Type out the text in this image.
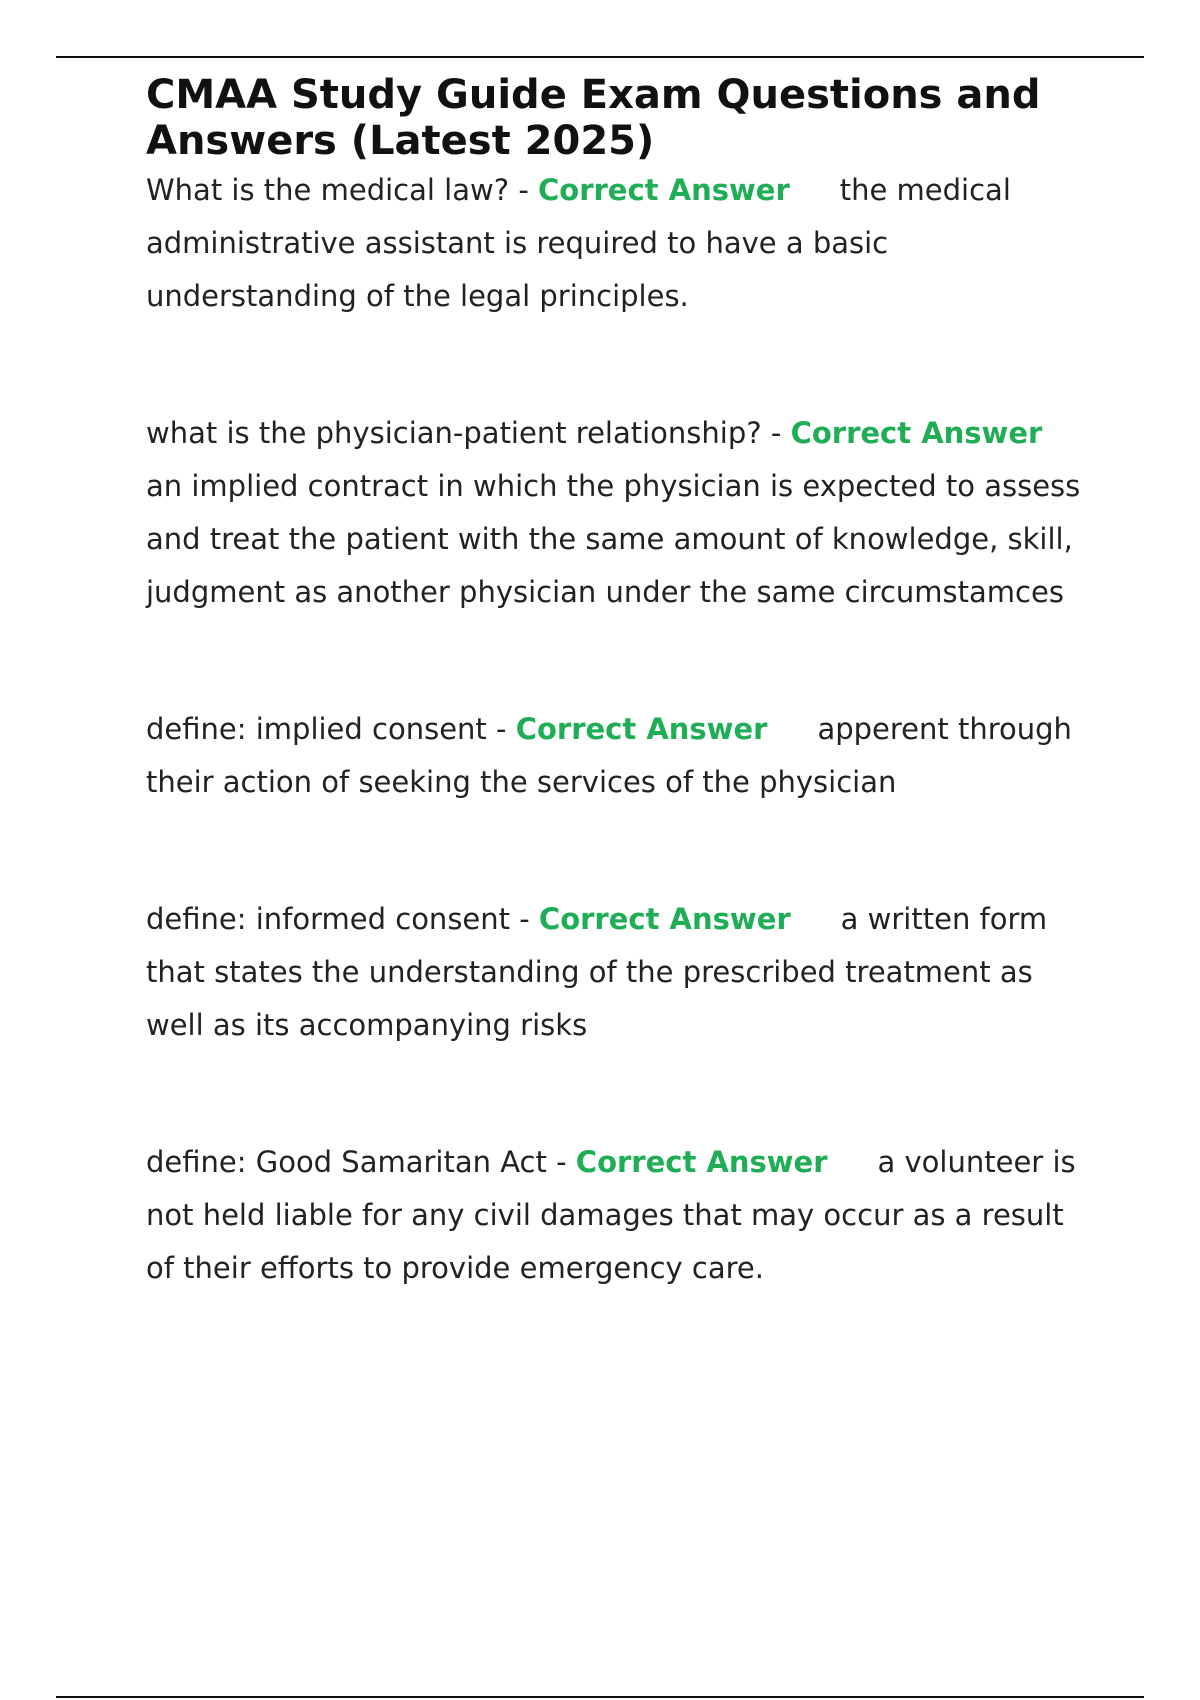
CMAA Study Guide Exam Questions and Answers (Latest 2025)

What is the medical law? - Correct Answer the medical administrative assistant is required to have a basic understanding of the legal principles.

what is the physician-patient relationship? - Correct Answeran implied contract in which the physician is expected to assess and treat the patient with the same amount of knowledge, skill, judgment as another physician under the same circumstamces

define: implied consent - Correct Answer apperent through their action of seeking the services of the physician

define: informed consent - Correct Answer a written form that states the understanding of the prescribed treatment as well as its accompanying risks

define: Good Samaritan Act - Correct Answer a volunteer is not held liable for any civil damages that may occur as a result of their efforts to provide emergency care.
